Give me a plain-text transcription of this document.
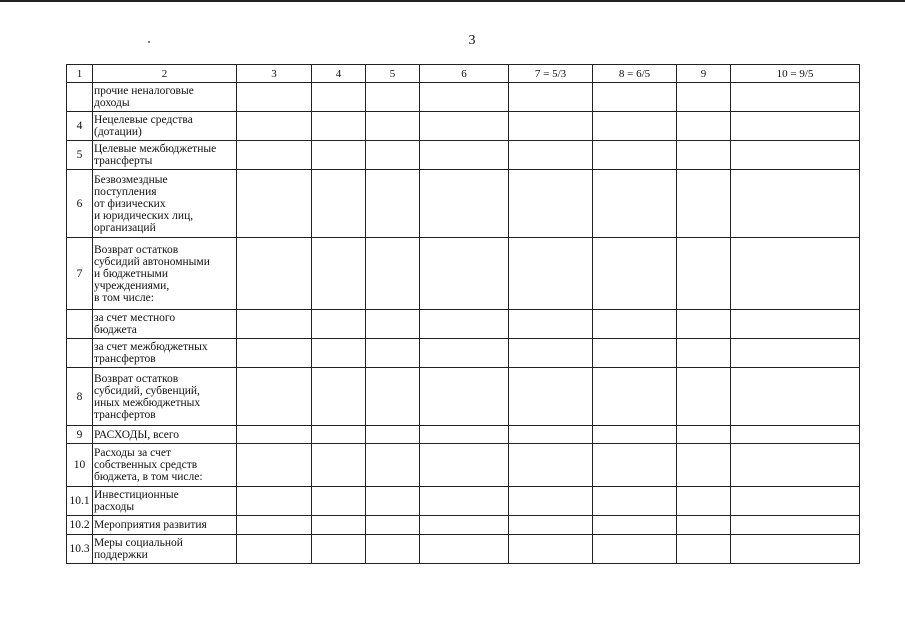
3
1	2	3	4	5	6	7 = 5/3	8 = 6/5	9	10 = 9/5
	прочие неналоговые
доходы								
4	Нецелевые средства
(дотации)								
5	Целевые межбюджетные
трансферты								
6	Безвозмездные
поступления
от физических
и юридических лиц,
организаций								
7	Возврат остатков
субсидий автономными
и бюджетными
учреждениями,
в том числе:								
	за счет местного
бюджета								
	за счет межбюджетных
трансфертов								
8	Возврат остатков
субсидий, субвенций,
иных межбюджетных
трансфертов								
9	РАСХОДЫ, всего								
10	Расходы за счет
собственных средств
бюджета, в том числе:								
10.1	Инвестиционные
расходы								
10.2	Мероприятия развития								
10.3	Меры социальной
поддержки								
